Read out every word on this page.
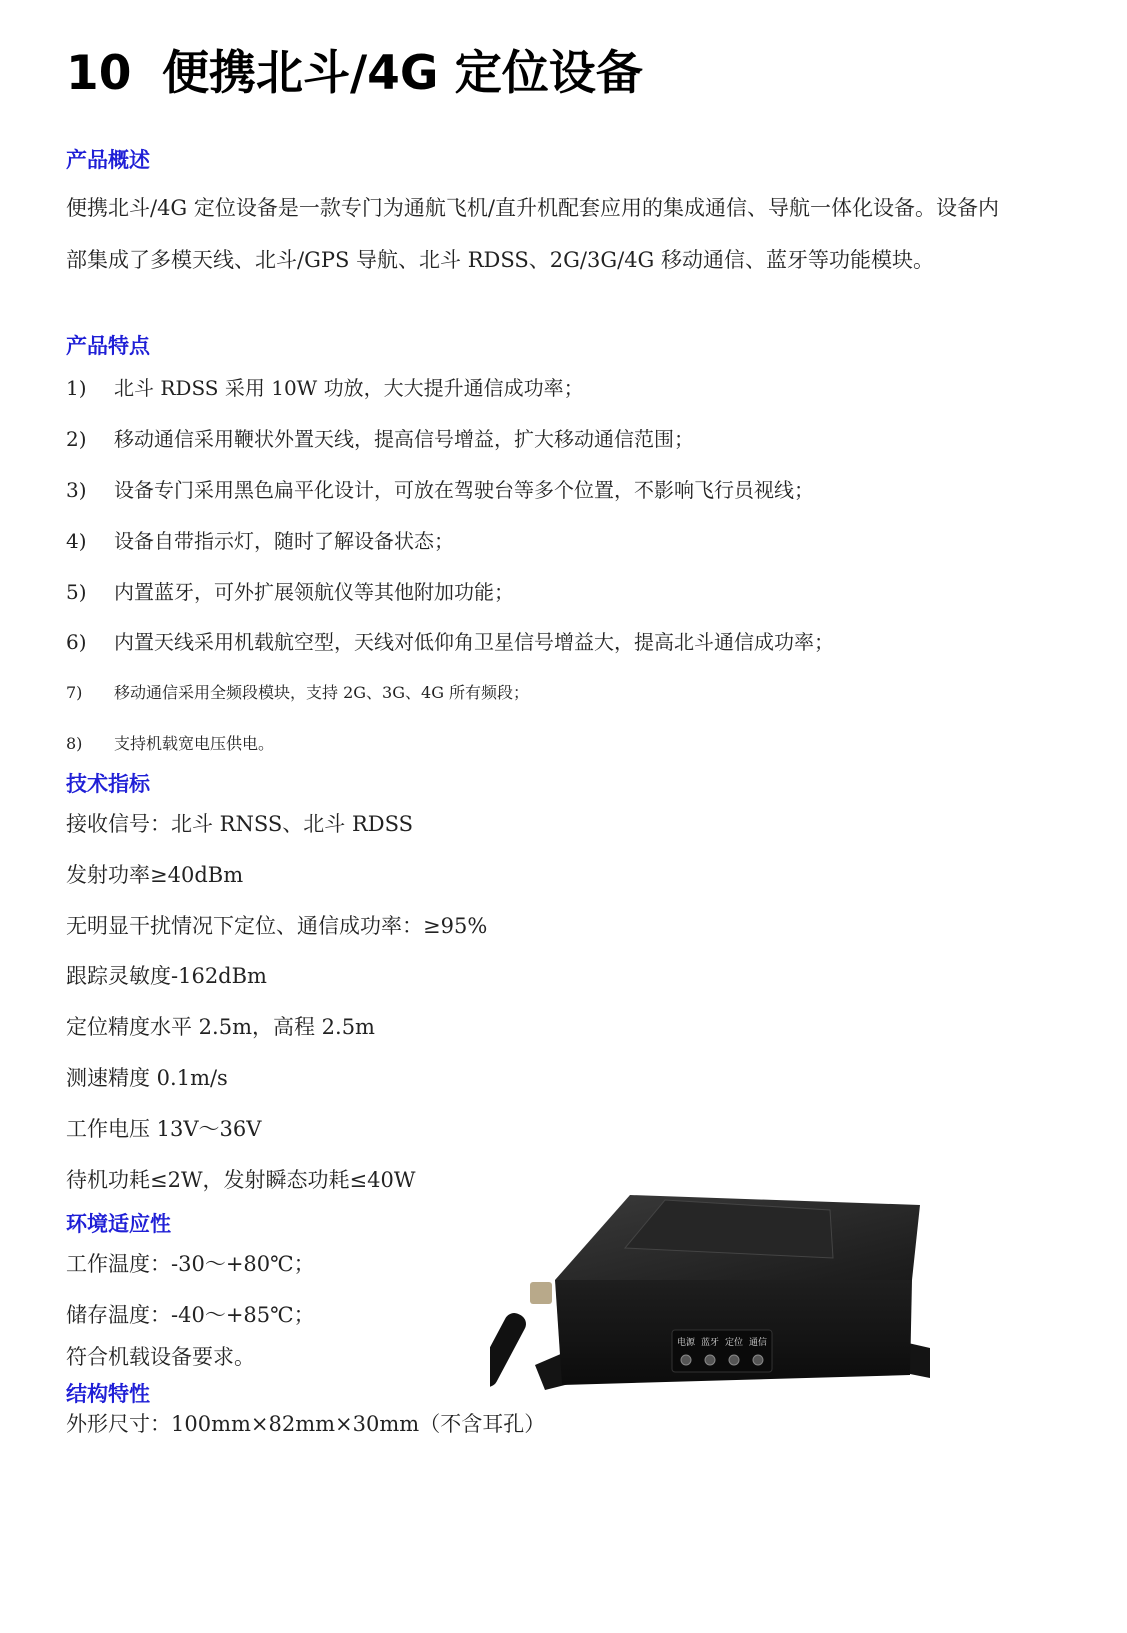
10 便携北斗/4G 定位设备
产品概述

便携北斗/4G 定位设备是一款专门为通航飞机/直升机配套应用的集成通信、导航一体化设备。设备内部集成了多模天线、北斗/GPS 导航、北斗 RDSS、2G/3G/4G 移动通信、蓝牙等功能模块。

产品特点
1) 北斗 RDSS 采用 10W 功放，大大提升通信成功率；
2) 移动通信采用鞭状外置天线，提高信号增益，扩大移动通信范围；
3) 设备专门采用黑色扁平化设计，可放在驾驶台等多个位置，不影响飞行员视线；
4) 设备自带指示灯，随时了解设备状态；
5) 内置蓝牙，可外扩展领航仪等其他附加功能；
6) 内置天线采用机载航空型，天线对低仰角卫星信号增益大，提高北斗通信成功率；
7) 移动通信采用全频段模块，支持 2G、3G、4G 所有频段；
8) 支持机载宽电压供电。
技术指标

接收信号：北斗 RNSS、北斗 RDSS

发射功率≥40dBm

无明显干扰情况下定位、通信成功率：≥95%

跟踪灵敏度-162dBm

定位精度水平 2.5m，高程 2.5m

测速精度 0.1m/s

工作电压 13V～36V

待机功耗≤2W，发射瞬态功耗≤40W

环境适应性

工作温度：-30～+80℃；

储存温度：-40～+85℃；

符合机载设备要求。

结构特性

外形尺寸：100mm×82mm×30mm（不含耳孔）

电源 蓝牙 定位 通信
